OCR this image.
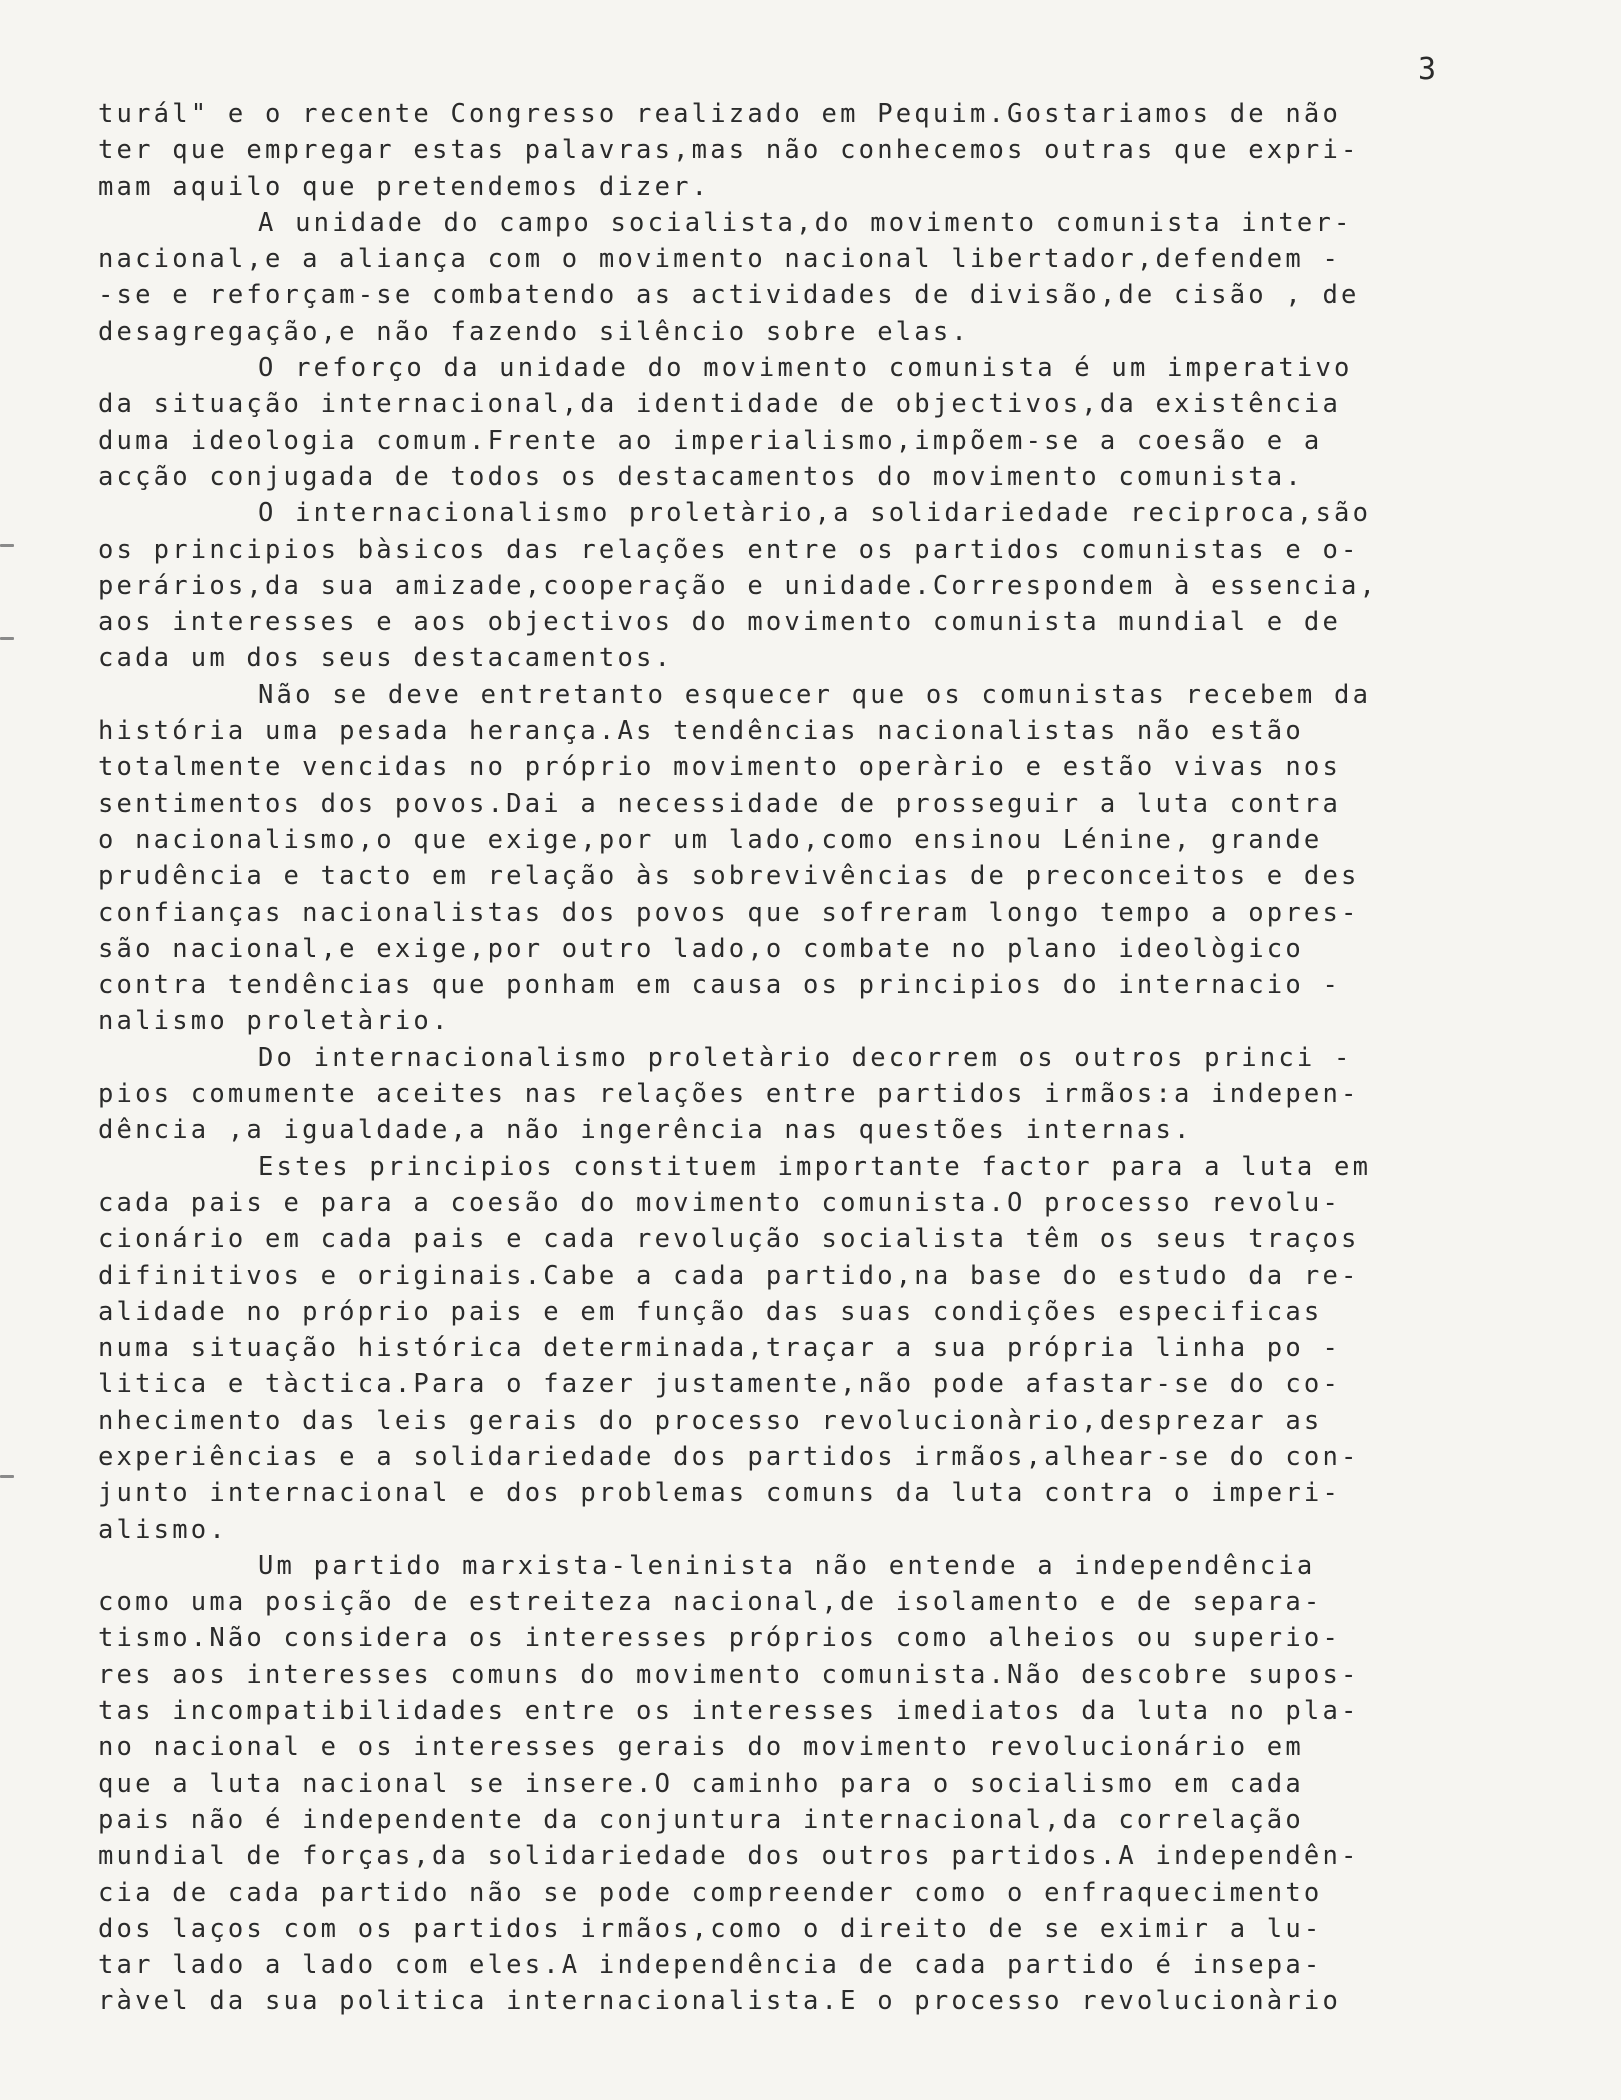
3
turál" e o recente Congresso realizado em Pequim.Gostariamos de não
ter que empregar estas palavras,mas não conhecemos outras que expri-
mam aquilo que pretendemos dizer.
A unidade do campo socialista,do movimento comunista inter-
nacional,e a aliança com o movimento nacional libertador,defendem -
-se e reforçam-se combatendo as actividades de divisão,de cisão , de
desagregação,e não fazendo silêncio sobre elas.
O reforço da unidade do movimento comunista é um imperativo
da situação internacional,da identidade de objectivos,da existência
duma ideologia comum.Frente ao imperialismo,impõem-se a coesão e a
acção conjugada de todos os destacamentos do movimento comunista.
O internacionalismo proletàrio,a solidariedade reciproca,são
os principios bàsicos das relações entre os partidos comunistas e o-
perários,da sua amizade,cooperação e unidade.Correspondem à essencia,
aos interesses e aos objectivos do movimento comunista mundial e de
cada um dos seus destacamentos.
Não se deve entretanto esquecer que os comunistas recebem da
história uma pesada herança.As tendências nacionalistas não estão
totalmente vencidas no próprio movimento operàrio e estão vivas nos
sentimentos dos povos.Dai a necessidade de prosseguir a luta contra
o nacionalismo,o que exige,por um lado,como ensinou Lénine, grande
prudência e tacto em relação às sobrevivências de preconceitos e des
confianças nacionalistas dos povos que sofreram longo tempo a opres-
são nacional,e exige,por outro lado,o combate no plano ideològico
contra tendências que ponham em causa os principios do internacio -
nalismo proletàrio.
Do internacionalismo proletàrio decorrem os outros princi -
pios comumente aceites nas relações entre partidos irmãos:a indepen-
dência ,a igualdade,a não ingerência nas questões internas.
Estes principios constituem importante factor para a luta em
cada pais e para a coesão do movimento comunista.O processo revolu-
cionário em cada pais e cada revolução socialista têm os seus traços
difinitivos e originais.Cabe a cada partido,na base do estudo da re-
alidade no próprio pais e em função das suas condições especificas
numa situação histórica determinada,traçar a sua própria linha po -
litica e tàctica.Para o fazer justamente,não pode afastar-se do co-
nhecimento das leis gerais do processo revolucionàrio,desprezar as
experiências e a solidariedade dos partidos irmãos,alhear-se do con-
junto internacional e dos problemas comuns da luta contra o imperi-
alismo.
Um partido marxista-leninista não entende a independência
como uma posição de estreiteza nacional,de isolamento e de separa-
tismo.Não considera os interesses próprios como alheios ou superio-
res aos interesses comuns do movimento comunista.Não descobre supos-
tas incompatibilidades entre os interesses imediatos da luta no pla-
no nacional e os interesses gerais do movimento revolucionário em
que a luta nacional se insere.O caminho para o socialismo em cada
pais não é independente da conjuntura internacional,da correlação
mundial de forças,da solidariedade dos outros partidos.A independên-
cia de cada partido não se pode compreender como o enfraquecimento
dos laços com os partidos irmãos,como o direito de se eximir a lu-
tar lado a lado com eles.A independência de cada partido é insepa-
ràvel da sua politica internacionalista.E o processo revolucionàrio
